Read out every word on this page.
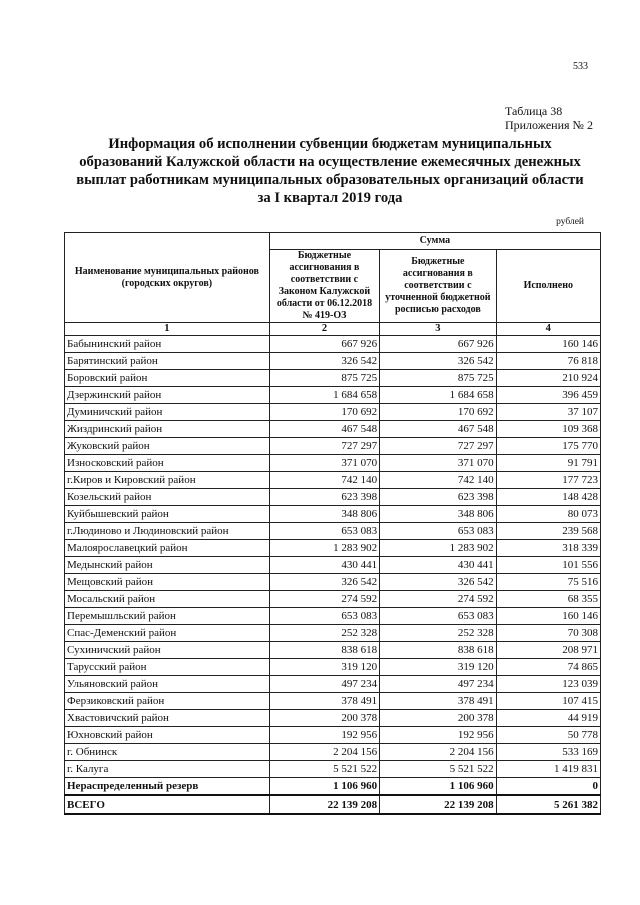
533
Таблица 38
Приложения № 2
Информация об исполнении субвенции бюджетам муниципальных
образований Калужской области на осуществление ежемесячных денежных
выплат работникам муниципальных образовательных организаций области
за I квартал 2019 года
рублей
Наименование муниципальных районов (городских округов)	Сумма		
	Бюджетные ассигнования в соответствии с Законом Калужской области от 06.12.2018 № 419-ОЗ	Бюджетные ассигнования в соответствии с уточненной бюджетной росписью расходов	Исполнено
1	2	3	4
Бабынинский район	667 926	667 926	160 146
Барятинский район	326 542	326 542	76 818
Боровский район	875 725	875 725	210 924
Дзержинский район	1 684 658	1 684 658	396 459
Думиничский район	170 692	170 692	37 107
Жиздринский район	467 548	467 548	109 368
Жуковский район	727 297	727 297	175 770
Износковский район	371 070	371 070	91 791
г.Киров и Кировский район	742 140	742 140	177 723
Козельский район	623 398	623 398	148 428
Куйбышевский район	348 806	348 806	80 073
г.Людиново и Людиновский район	653 083	653 083	239 568
Малоярославецкий район	1 283 902	1 283 902	318 339
Медынский район	430 441	430 441	101 556
Мещовский район	326 542	326 542	75 516
Мосальский район	274 592	274 592	68 355
Перемышльский район	653 083	653 083	160 146
Спас-Деменский район	252 328	252 328	70 308
Сухиничский район	838 618	838 618	208 971
Тарусский район	319 120	319 120	74 865
Ульяновский район	497 234	497 234	123 039
Ферзиковский район	378 491	378 491	107 415
Хвастовичский район	200 378	200 378	44 919
Юхновский район	192 956	192 956	50 778
г. Обнинск	2 204 156	2 204 156	533 169
г. Калуга	5 521 522	5 521 522	1 419 831
Нераспределенный резерв	1 106 960	1 106 960	0
ВСЕГО	22 139 208	22 139 208	5 261 382
